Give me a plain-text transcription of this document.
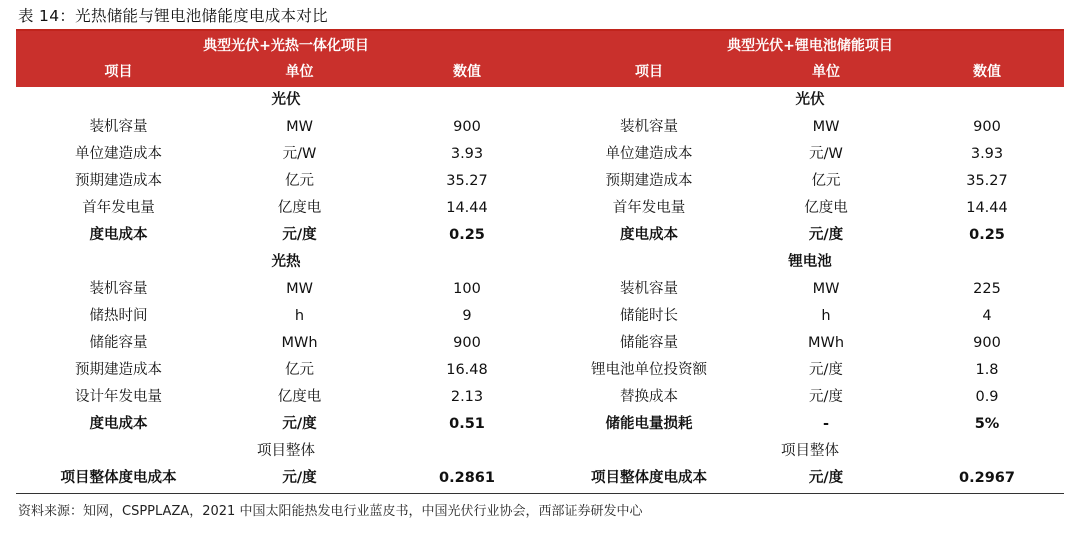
表 14：光热储能与锂电池储能度电成本对比
典型光伏+光热一体化项目	典型光伏+锂电池储能项目
项目	单位	数值	项目	单位	数值
光伏	光伏
装机容量	MW	900	装机容量	MW	900
单位建造成本	元/W	3.93	单位建造成本	元/W	3.93
预期建造成本	亿元	35.27	预期建造成本	亿元	35.27
首年发电量	亿度电	14.44	首年发电量	亿度电	14.44
度电成本	元/度	0.25	度电成本	元/度	0.25
光热	锂电池
装机容量	MW	100	装机容量	MW	225
储热时间	h	9	储能时长	h	4
储能容量	MWh	900	储能容量	MWh	900
预期建造成本	亿元	16.48	锂电池单位投资额	元/度	1.8
设计年发电量	亿度电	2.13	替换成本	元/度	0.9
度电成本	元/度	0.51	储能电量损耗	-	5%
项目整体	项目整体
项目整体度电成本	元/度	0.2861	项目整体度电成本	元/度	0.2967
资料来源：知网，CSPPLAZA，2021 中国太阳能热发电行业蓝皮书，中国光伏行业协会，西部证券研发中心
